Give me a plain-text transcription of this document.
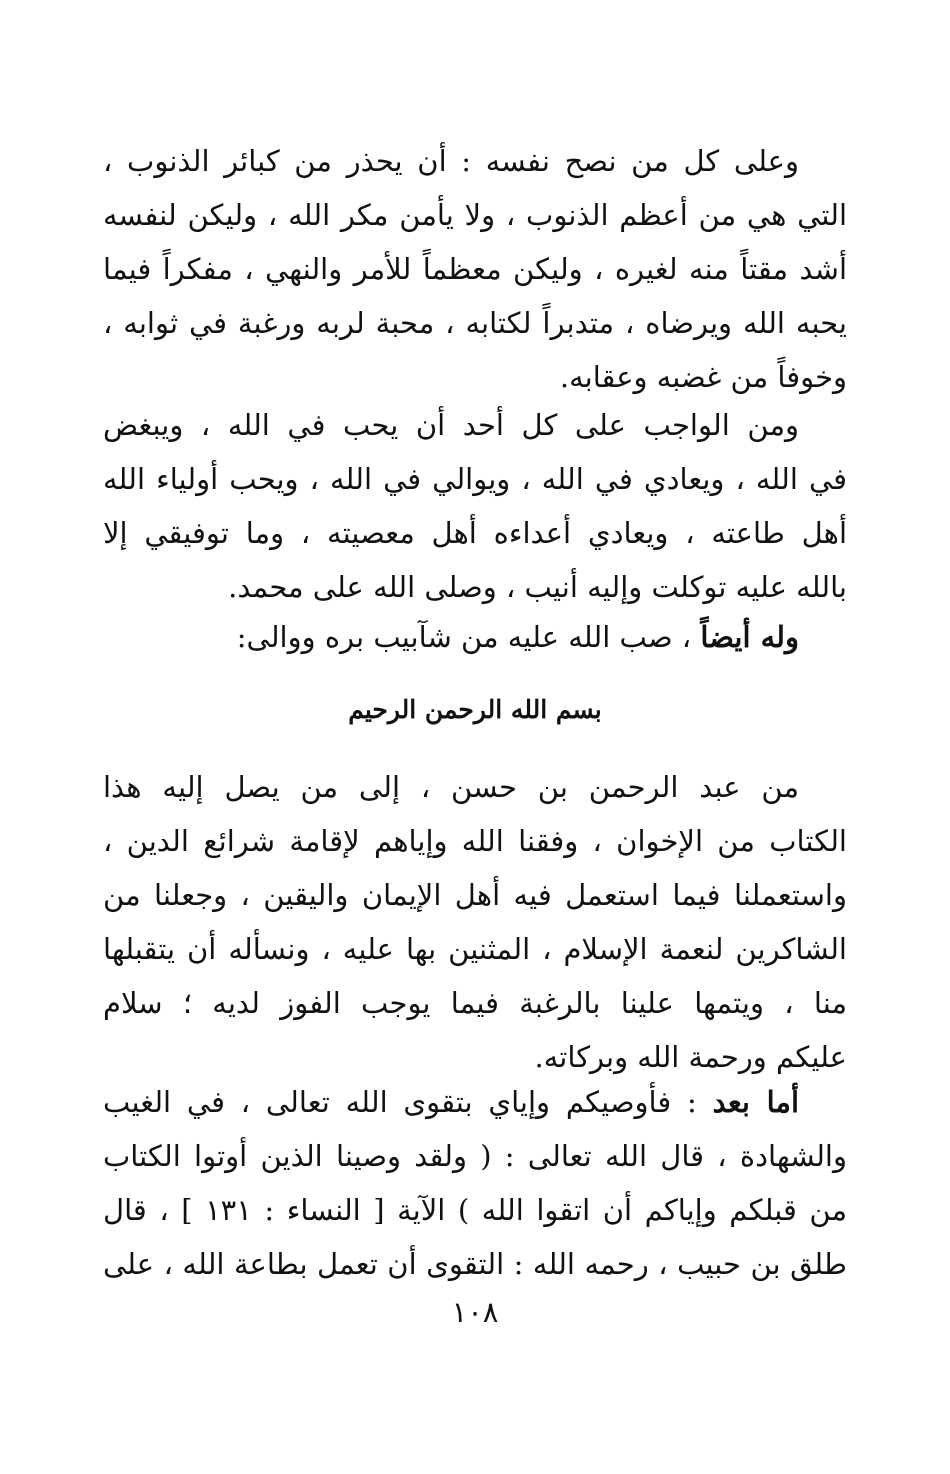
وعلى كل من نصح نفسه : أن يحذر من كبائر الذنوب ،
التي هي من أعظم الذنوب ، ولا يأمن مكر الله ، وليكن لنفسه
أشد مقتاً منه لغيره ، وليكن معظماً للأمر والنهي ، مفكراً فيما
يحبه الله ويرضاه ، متدبراً لكتابه ، محبة لربه ورغبة في ثوابه ،
وخوفاً من غضبه وعقابه.
ومن الواجب على كل أحد أن يحب في الله ، ويبغض
في الله ، ويعادي في الله ، ويوالي في الله ، ويحب أولياء الله
أهل طاعته ، ويعادي أعداءه أهل معصيته ، وما توفيقي إلا
بالله عليه توكلت وإليه أنيب ، وصلى الله على محمد.
وله أيضاً ، صب الله عليه من شآبيب بره ووالى:
بسم الله الرحمن الرحيم
من عبد الرحمن بن حسن ، إلى من يصل إليه هذا
الكتاب من الإخوان ، وفقنا الله وإياهم لإقامة شرائع الدين ،
واستعملنا فيما استعمل فيه أهل الإيمان واليقين ، وجعلنا من
الشاكرين لنعمة الإسلام ، المثنين بها عليه ، ونسأله أن يتقبلها
منا ، ويتمها علينا بالرغبة فيما يوجب الفوز لديه ؛ سلام
عليكم ورحمة الله وبركاته.
أما بعد : فأوصيكم وإياي بتقوى الله تعالى ، في الغيب
والشهادة ، قال الله تعالى : ( ولقد وصينا الذين أوتوا الكتاب
من قبلكم وإياكم أن اتقوا الله ) الآية [ النساء : ١٣١ ] ، قال
طلق بن حبيب ، رحمه الله : التقوى أن تعمل بطاعة الله ، على
١٠٨
